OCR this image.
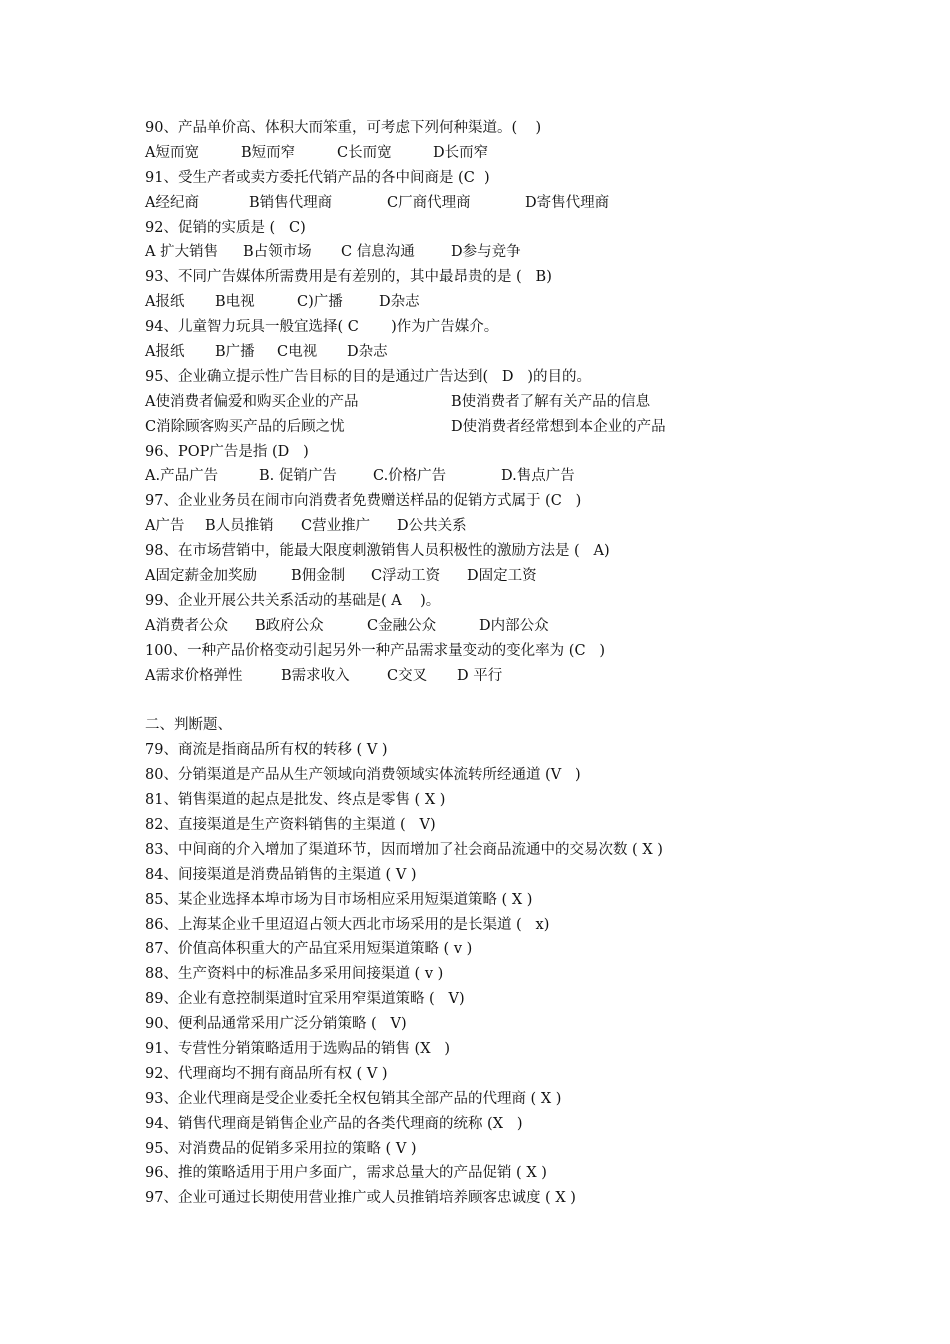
90、产品单价高、体积大而笨重，可考虑下列何种渠道。(    )
A短而宽	B短而窄	C长而宽	D长而窄
91、受生产者或卖方委托代销产品的各中间商是 (C  )
A经纪商	B销售代理商	C厂商代理商	D寄售代理商
92、促销的实质是 (   C)
A 扩大销售	B占领市场	C 信息沟通	D参与竞争
93、不同广告媒体所需费用是有差别的，其中最昂贵的是 (   B)
A报纸	B电视	C)广播	D杂志
94、儿童智力玩具一般宜选择( C       )作为广告媒介。
A报纸	B广播	C电视	D杂志
95、企业确立提示性广告目标的目的是通过广告达到(   D   )的目的。
A使消费者偏爱和购买企业的产品	B使消费者了解有关产品的信息
C消除顾客购买产品的后顾之忧	D使消费者经常想到本企业的产品
96、POP广告是指 (D   )
A.产品广告	B. 促销广告	C.价格广告	D.售点广告
97、企业业务员在闹市向消费者免费赠送样品的促销方式属于 (C   )
A广告	B人员推销	C营业推广	D公共关系
98、在市场营销中，能最大限度刺激销售人员积极性的激励方法是 (   A)
A固定薪金加奖励	B佣金制	C浮动工资	D固定工资
99、企业开展公共关系活动的基础是( A    )。
A消费者公众	B政府公众	C金融公众	D内部公众
100、一种产品价格变动引起另外一种产品需求量变动的变化率为 (C   )
A需求价格弹性	B需求收入	C交叉	D 平行
二、判断题、
79、商流是指商品所有权的转移 ( V )
80、分销渠道是产品从生产领域向消费领域实体流转所经通道 (V   )
81、销售渠道的起点是批发、终点是零售 ( X )
82、直接渠道是生产资料销售的主渠道 (   V)
83、中间商的介入增加了渠道环节，因而增加了社会商品流通中的交易次数 ( X )
84、间接渠道是消费品销售的主渠道 ( V )
85、某企业选择本埠市场为目市场相应采用短渠道策略 ( X )
86、上海某企业千里迢迢占领大西北市场采用的是长渠道 (   x)
87、价值高体积重大的产品宜采用短渠道策略 ( v )
88、生产资料中的标准品多采用间接渠道 ( v )
89、企业有意控制渠道时宜采用窄渠道策略 (   V)
90、便利品通常采用广泛分销策略 (   V)
91、专营性分销策略适用于选购品的销售 (X   )
92、代理商均不拥有商品所有权 ( V )
93、企业代理商是受企业委托全权包销其全部产品的代理商 ( X )
94、销售代理商是销售企业产品的各类代理商的统称 (X   )
95、对消费品的促销多采用拉的策略 ( V )
96、推的策略适用于用户多面广，需求总量大的产品促销 ( X )
97、企业可通过长期使用营业推广或人员推销培养顾客忠诚度 ( X )
